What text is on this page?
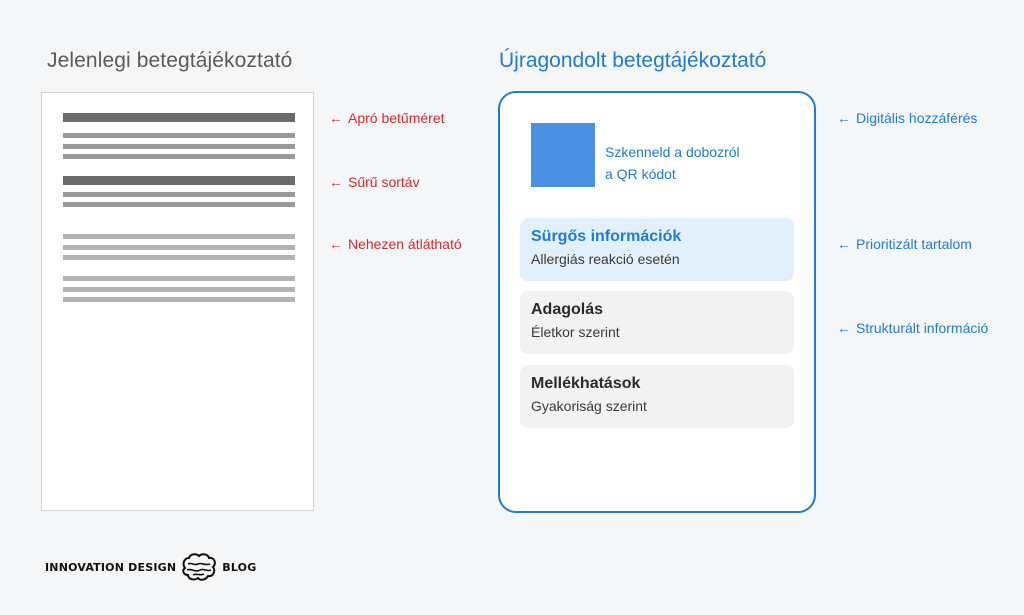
Jelenlegi betegtájékoztató	Újragondolt betegtájékoztató
← Apró betűméret
← Sűrű sortáv
← Nehezen átlátható
Szkenneld a dobozról
a QR kódot
Sürgős információk
Allergiás reakció esetén
Adagolás
Életkor szerint
Mellékhatások
Gyakoriság szerint
← Digitális hozzáférés
← Prioritizált tartalom
← Strukturált információ
INNOVATION DESIGN	BLOG
